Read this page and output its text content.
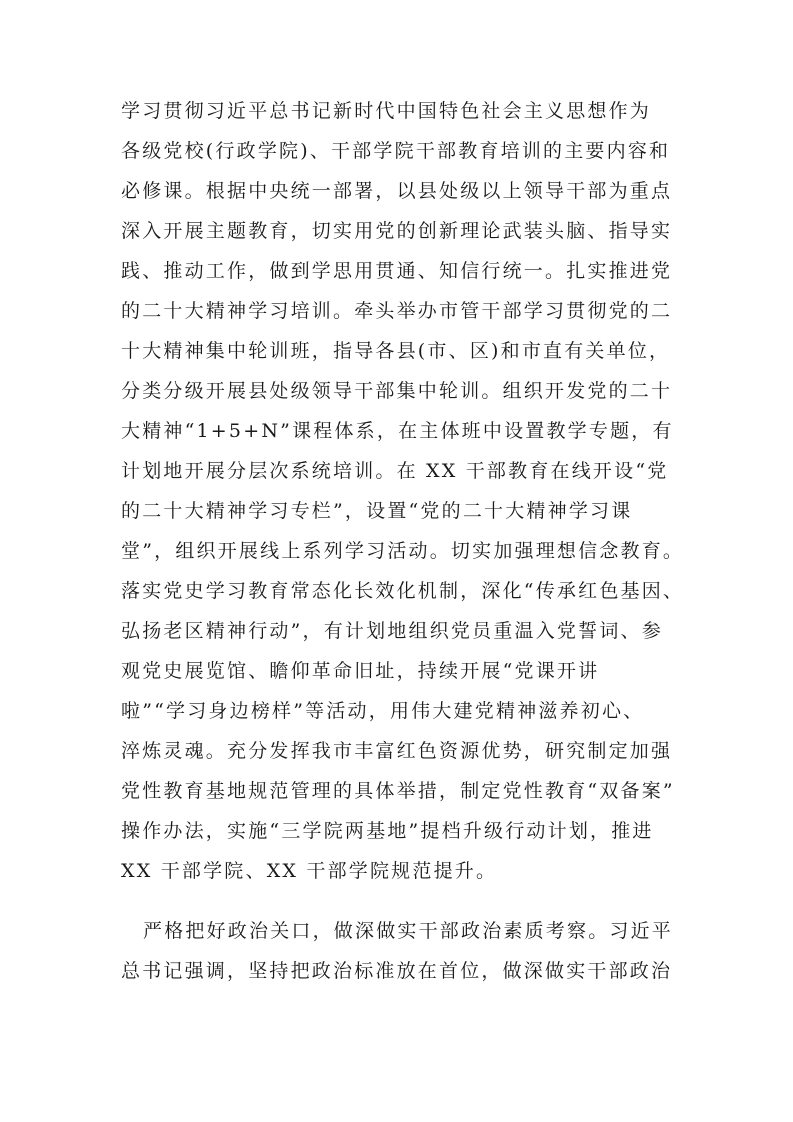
学习贯彻习近平总书记新时代中国特色社会主义思想作为
各级党校(行政学院)、干部学院干部教育培训的主要内容和
必修课。根据中央统一部署，以县处级以上领导干部为重点
深入开展主题教育，切实用党的创新理论武装头脑、指导实
践、推动工作，做到学思用贯通、知信行统一。扎实推进党
的二十大精神学习培训。牵头举办市管干部学习贯彻党的二
十大精神集中轮训班，指导各县(市、区)和市直有关单位，
分类分级开展县处级领导干部集中轮训。组织开发党的二十
大精神“1+5+N”课程体系，在主体班中设置教学专题，有
计划地开展分层次系统培训。在 XX 干部教育在线开设“党
的二十大精神学习专栏”，设置“党的二十大精神学习课
堂”，组织开展线上系列学习活动。切实加强理想信念教育。
落实党史学习教育常态化长效化机制，深化“传承红色基因、
弘扬老区精神行动”，有计划地组织党员重温入党誓词、参
观党史展览馆、瞻仰革命旧址，持续开展“党课开讲
啦”“学习身边榜样”等活动，用伟大建党精神滋养初心、
淬炼灵魂。充分发挥我市丰富红色资源优势，研究制定加强
党性教育基地规范管理的具体举措，制定党性教育“双备案”
操作办法，实施“三学院两基地”提档升级行动计划，推进
XX 干部学院、XX 干部学院规范提升。
严格把好政治关口，做深做实干部政治素质考察。习近平
总书记强调，坚持把政治标准放在首位，做深做实干部政治
